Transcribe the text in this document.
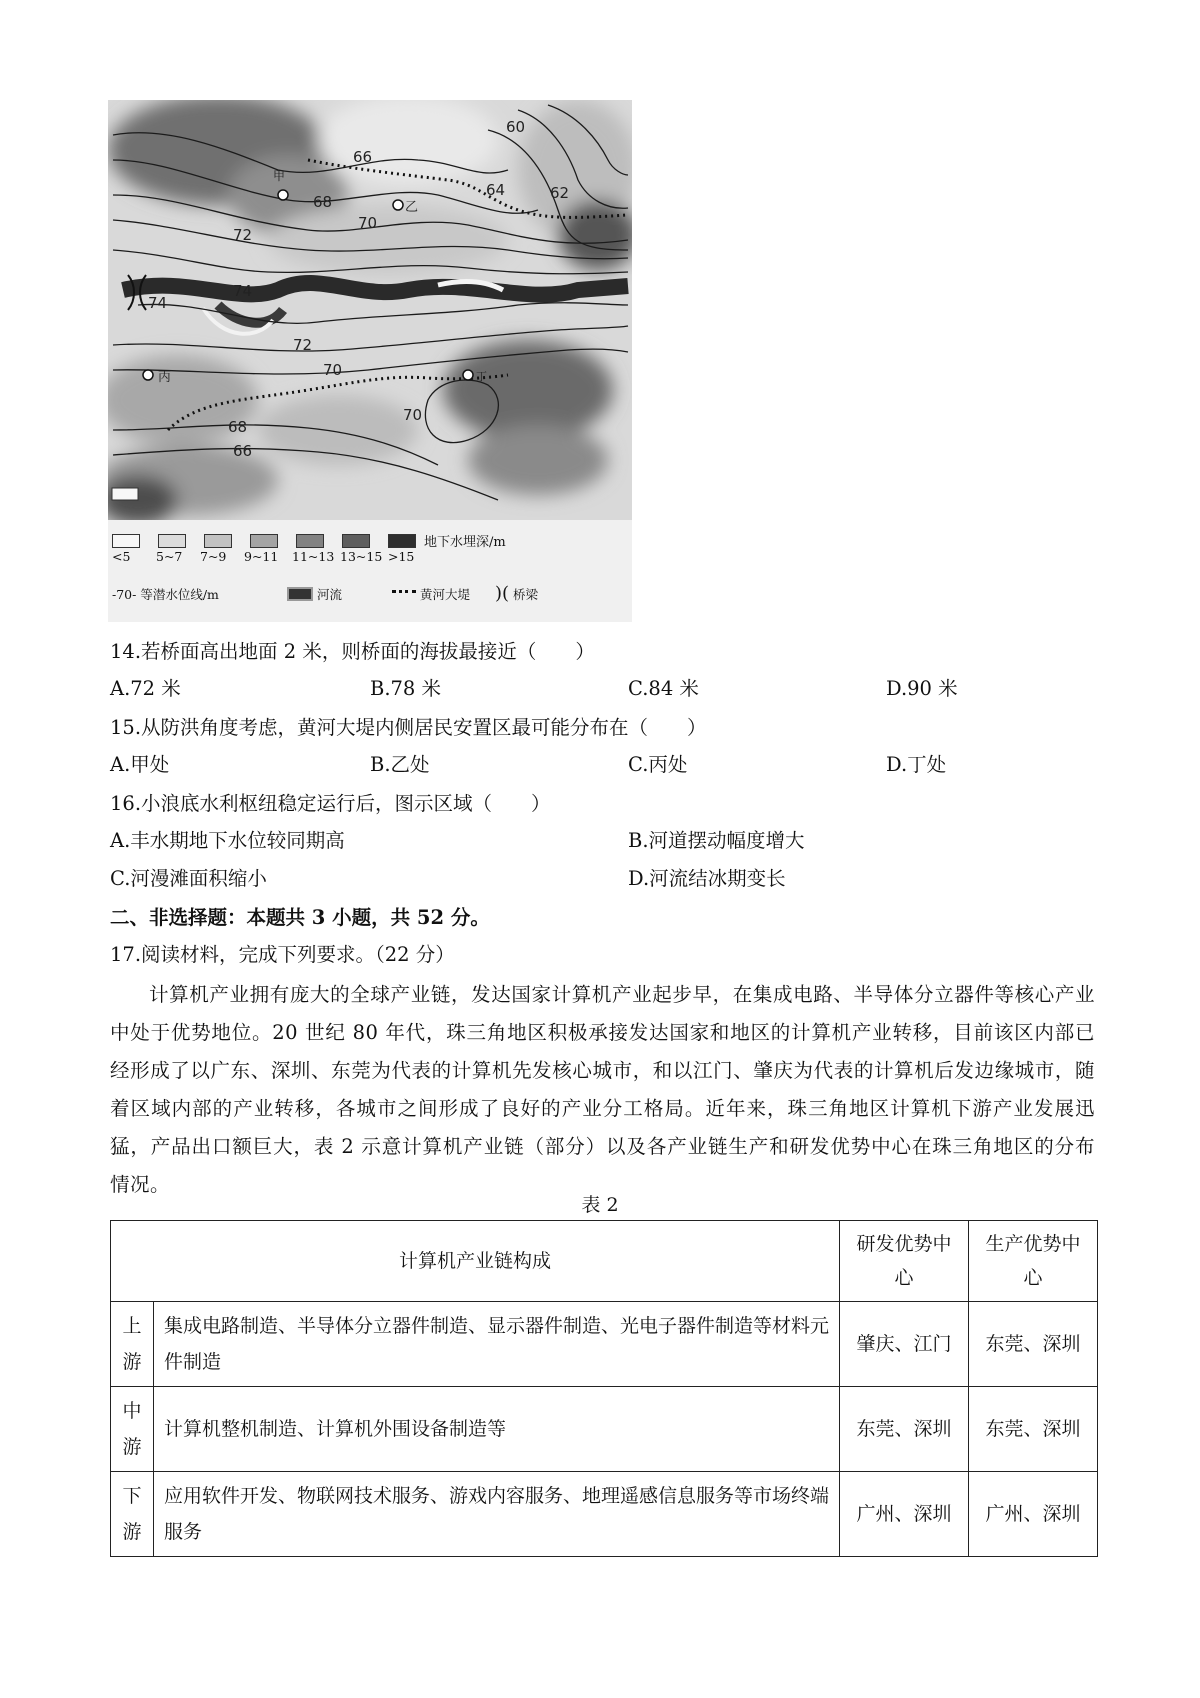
60
62
64
66
68
70
72
74
74
72
70
70
68
66
甲
乙
丙	丁
地下水埋深/m
<5	5~7	7~9	9~11	11~13 13~15 >15
-70- 等潜水位线/m	河流	黄河大堤	)( 桥梁
14.若桥面高出地面 2 米，则桥面的海拔最接近（　　）
A.72 米	B.78 米	C.84 米	D.90 米
15.从防洪角度考虑，黄河大堤内侧居民安置区最可能分布在（　　）
A.甲处	B.乙处	C.丙处	D.丁处
16.小浪底水利枢纽稳定运行后，图示区域（　　）
A.丰水期地下水位较同期高	B.河道摆动幅度增大
C.河漫滩面积缩小	D.河流结冰期变长
二、非选择题：本题共 3 小题，共 52 分。
17.阅读材料，完成下列要求。（22 分）
计算机产业拥有庞大的全球产业链，发达国家计算机产业起步早，在集成电路、半导体分立器件等核心产业中处于优势地位。20 世纪 80 年代，珠三角地区积极承接发达国家和地区的计算机产业转移，目前该区内部已经形成了以广东、深圳、东莞为代表的计算机先发核心城市，和以江门、肇庆为代表的计算机后发边缘城市，随着区域内部的产业转移，各城市之间形成了良好的产业分工格局。近年来，珠三角地区计算机下游产业发展迅猛，产品出口额巨大，表 2 示意计算机产业链（部分）以及各产业链生产和研发优势中心在珠三角地区的分布情况。
表 2
计算机产业链构成		研发优势中心	生产优势中心
上游	集成电路制造、半导体分立器件制造、显示器件制造、光电子器件制造等材料元件制造	肇庆、江门	东莞、深圳
中游	计算机整机制造、计算机外围设备制造等	东莞、深圳	东莞、深圳
下游	应用软件开发、物联网技术服务、游戏内容服务、地理遥感信息服务等市场终端服务	广州、深圳	广州、深圳
